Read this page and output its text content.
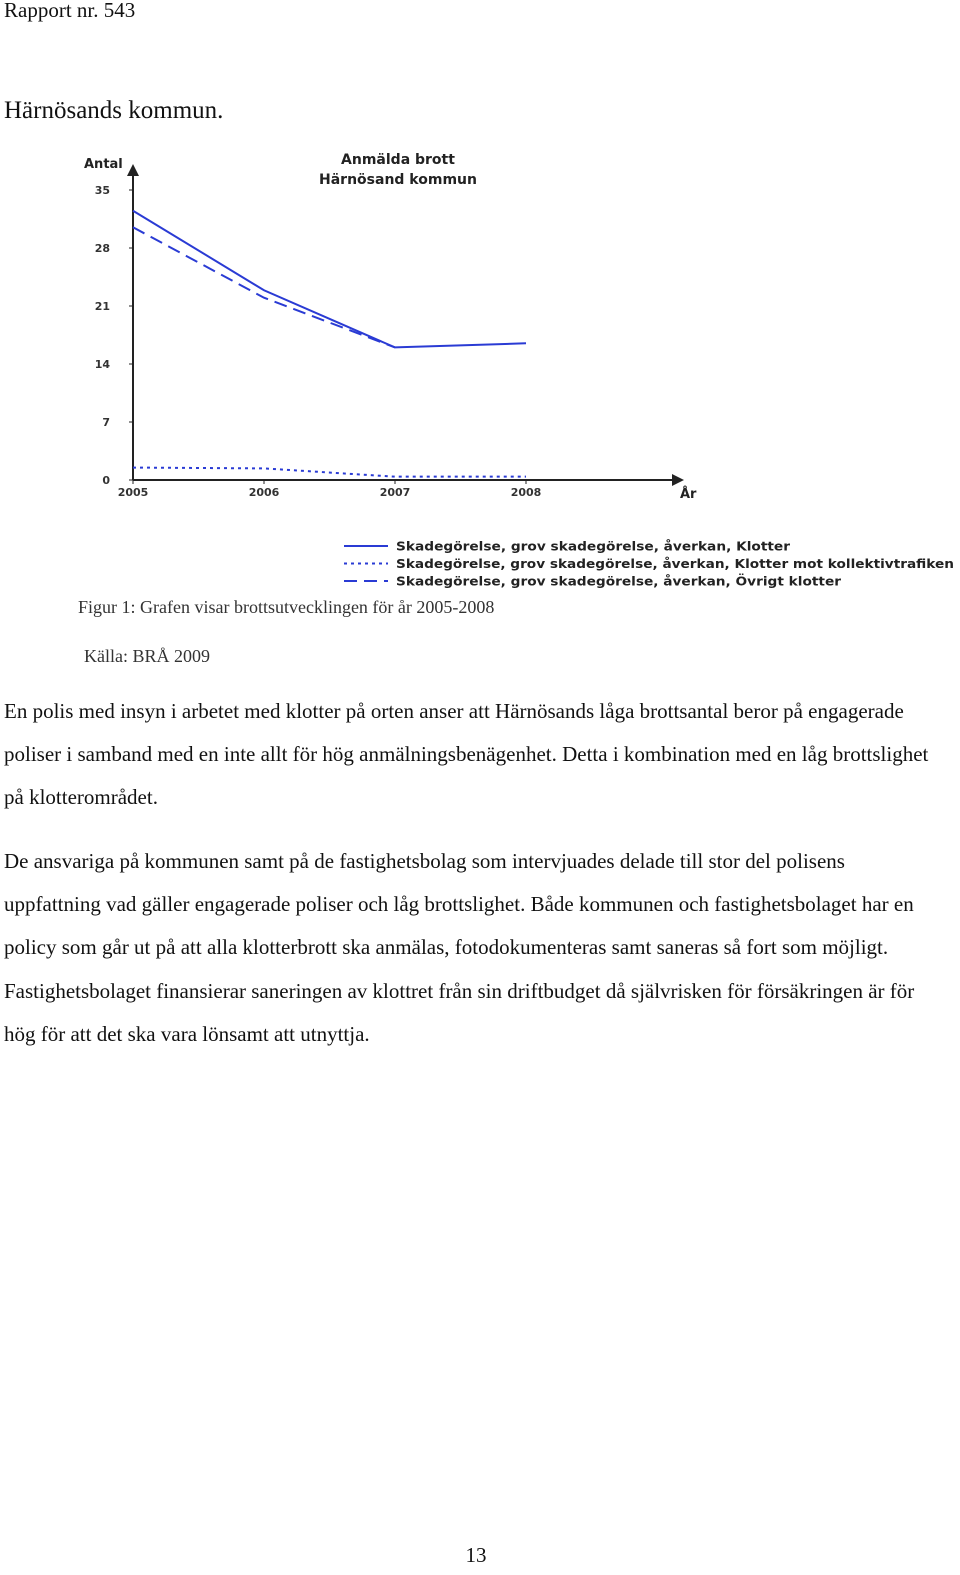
Rapport nr. 543
Härnösands kommun.
Anmälda brott
Härnösand kommun
Antal
År
0
7
14
21
28
35
2005	2006	2007	2008
Skadegörelse, grov skadegörelse, åverkan, Klotter
Skadegörelse, grov skadegörelse, åverkan, Klotter mot kollektivtrafiken
Skadegörelse, grov skadegörelse, åverkan, Övrigt klotter
Figur 1: Grafen visar brottsutvecklingen för år 2005-2008
Källa: BRÅ 2009

En polis med insyn i arbetet med klotter på orten anser att Härnösands låga brottsantal beror på engagerade poliser i samband med en inte allt för hög anmälningsbenägenhet. Detta i kombination med en låg brottslighet på klotterområdet.

De ansvariga på kommunen samt på de fastighetsbolag som intervjuades delade till stor del polisens uppfattning vad gäller engagerade poliser och låg brottslighet. Både kommunen och fastighetsbolaget har en policy som går ut på att alla klotterbrott ska anmälas, fotodokumenteras samt saneras så fort som möjligt. Fastighetsbolaget finansierar saneringen av klottret från sin driftbudget då självrisken för försäkringen är för hög för att det ska vara lönsamt att utnyttja.

13
